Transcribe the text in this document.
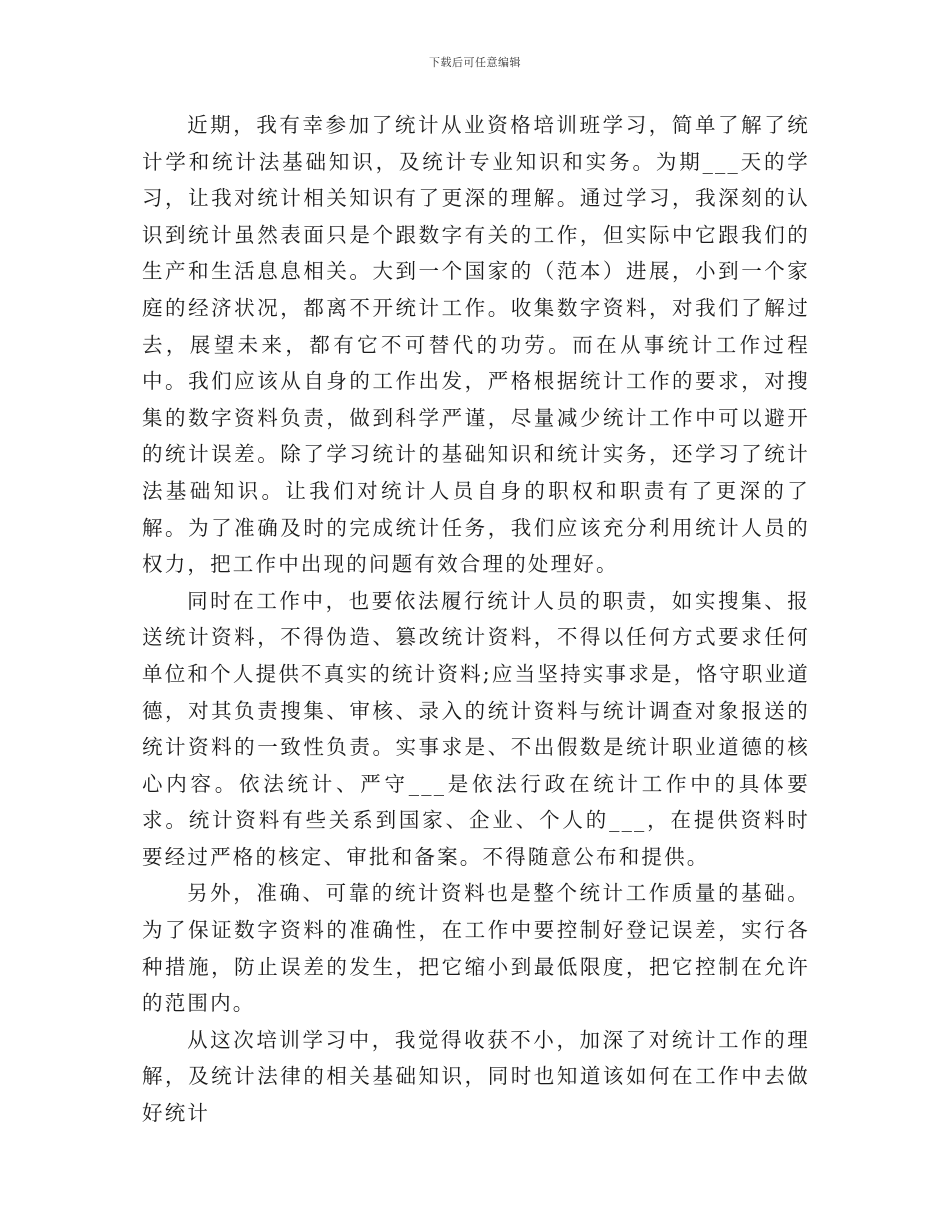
下载后可任意编辑

近期，我有幸参加了统计从业资格培训班学习，简单了解了统计学和统计法基础知识，及统计专业知识和实务。为期___天的学习，让我对统计相关知识有了更深的理解。通过学习，我深刻的认识到统计虽然表面只是个跟数字有关的工作，但实际中它跟我们的生产和生活息息相关。大到一个国家的（范本）进展，小到一个家庭的经济状况，都离不开统计工作。收集数字资料，对我们了解过去，展望未来，都有它不可替代的功劳。而在从事统计工作过程中。我们应该从自身的工作出发，严格根据统计工作的要求，对搜集的数字资料负责，做到科学严谨，尽量减少统计工作中可以避开的统计误差。除了学习统计的基础知识和统计实务，还学习了统计法基础知识。让我们对统计人员自身的职权和职责有了更深的了解。为了准确及时的完成统计任务，我们应该充分利用统计人员的权力，把工作中出现的问题有效合理的处理好。

同时在工作中，也要依法履行统计人员的职责，如实搜集、报送统计资料，不得伪造、篡改统计资料，不得以任何方式要求任何单位和个人提供不真实的统计资料;应当坚持实事求是，恪守职业道德，对其负责搜集、审核、录入的统计资料与统计调查对象报送的统计资料的一致性负责。实事求是、不出假数是统计职业道德的核心内容。依法统计、严守___是依法行政在统计工作中的具体要求。统计资料有些关系到国家、企业、个人的___，在提供资料时要经过严格的核定、审批和备案。不得随意公布和提供。

另外，准确、可靠的统计资料也是整个统计工作质量的基础。为了保证数字资料的准确性，在工作中要控制好登记误差，实行各种措施，防止误差的发生，把它缩小到最低限度，把它控制在允许的范围内。

从这次培训学习中，我觉得收获不小，加深了对统计工作的理解，及统计法律的相关基础知识，同时也知道该如何在工作中去做好统计
